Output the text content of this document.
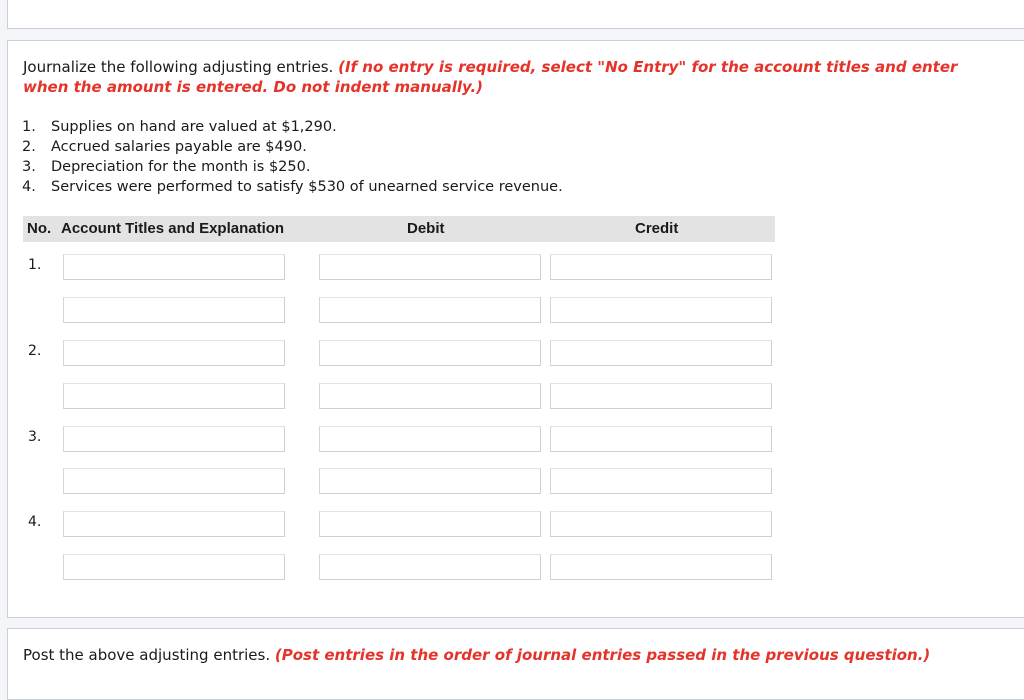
Journalize the following adjusting entries. (If no entry is required, select "No Entry" for the account titles and enter
when the amount is entered. Do not indent manually.)
1.	Supplies on hand are valued at $1,290.
2.	Accrued salaries payable are $490.
3.	Depreciation for the month is $250.
4.	Services were performed to satisfy $530 of unearned service revenue.
No. Account Titles and Explanation	Debit	Credit
1.
2.
3.
4.
Post the above adjusting entries. (Post entries in the order of journal entries passed in the previous question.)
